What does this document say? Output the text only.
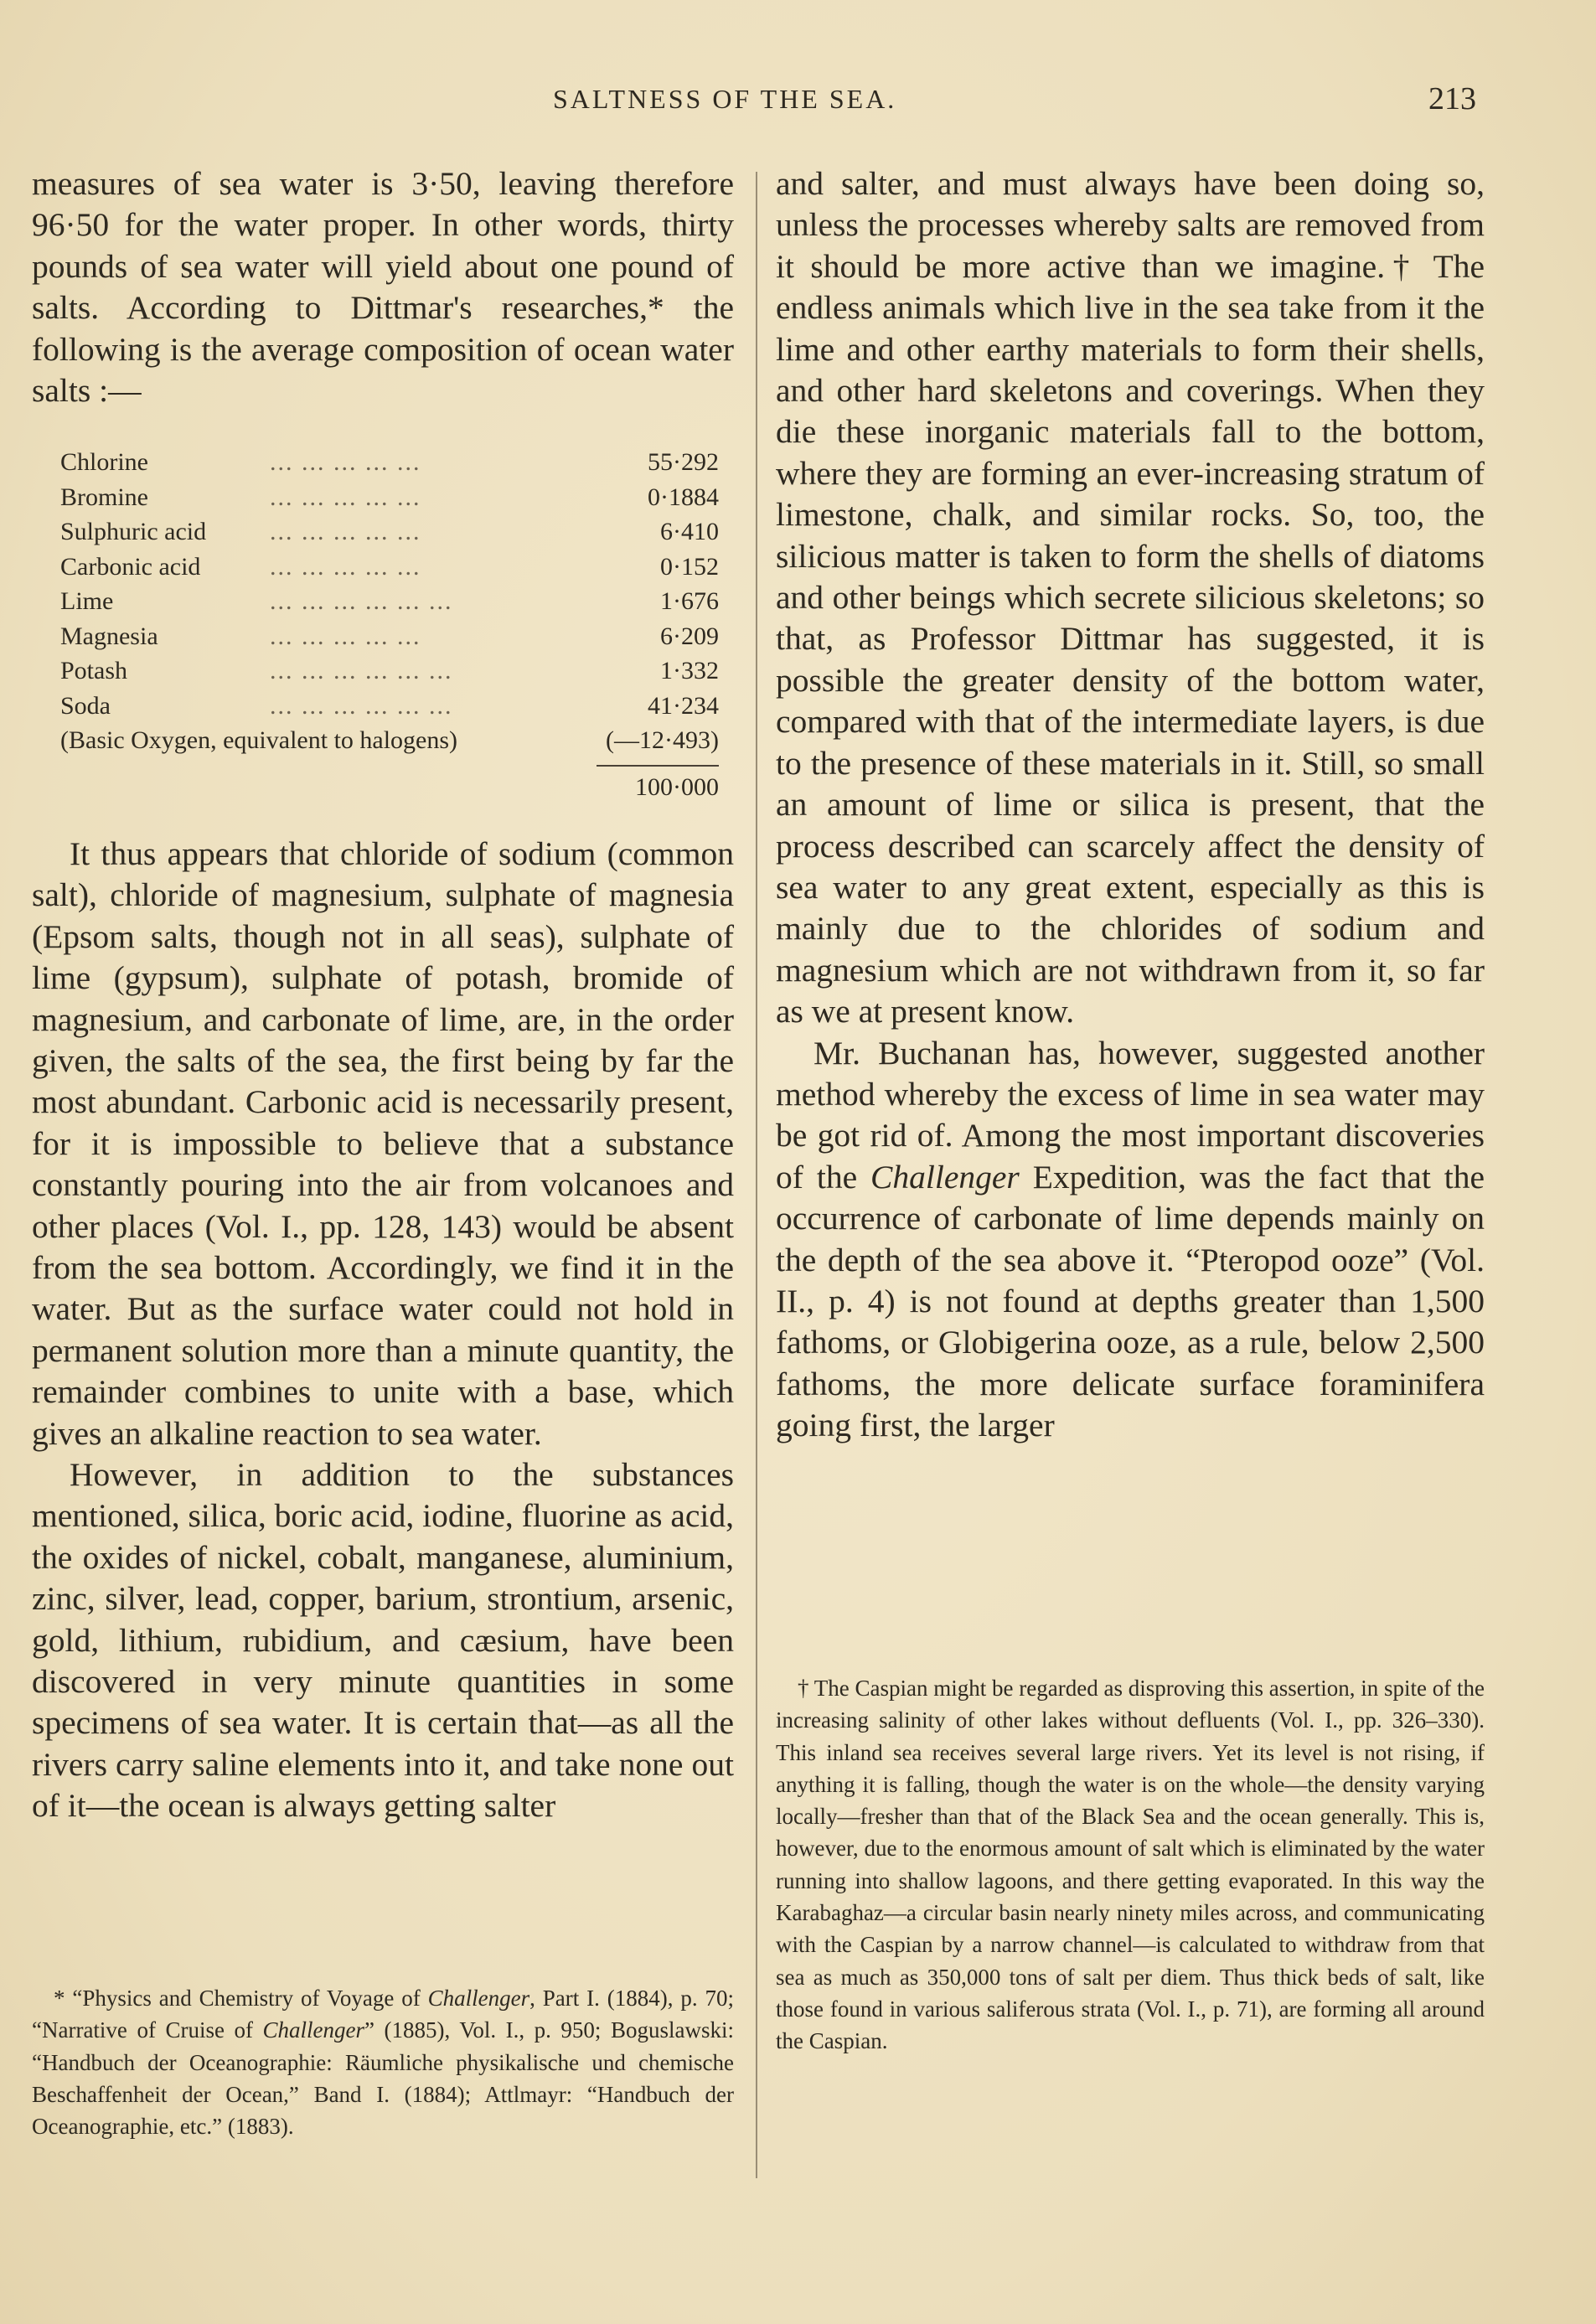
SALTNESS OF THE SEA.	213

measures of sea water is 3·50, leaving therefore 96·50 for the water proper. In other words, thirty pounds of sea water will yield about one pound of salts. According to Dittmar's researches,* the following is the average composition of ocean water salts :—

Chlorine	... ... ... ... ...	55·292
Bromine	... ... ... ... ...	0·1884
Sulphuric acid	... ... ... ... ...	6·410
Carbonic acid	... ... ... ... ...	0·152
Lime	... ... ... ... ... ...	1·676
Magnesia	... ... ... ... ...	6·209
Potash	... ... ... ... ... ...	1·332
Soda	... ... ... ... ... ...	41·234
(Basic Oxygen, equivalent to halogens)		(—12·493)
100·000

It thus appears that chloride of sodium (common salt), chloride of magnesium, sulphate of magnesia (Epsom salts, though not in all seas), sulphate of lime (gypsum), sulphate of potash, bromide of magnesium, and carbonate of lime, are, in the order given, the salts of the sea, the first being by far the most abundant. Carbonic acid is necessarily present, for it is impossible to believe that a substance constantly pouring into the air from volcanoes and other places (Vol. I., pp. 128, 143) would be absent from the sea bottom. Accordingly, we find it in the water. But as the surface water could not hold in permanent solution more than a minute quantity, the remainder combines to unite with a base, which gives an alkaline reaction to sea water.

However, in addition to the substances mentioned, silica, boric acid, iodine, fluorine as acid, the oxides of nickel, cobalt, manganese, aluminium, zinc, silver, lead, copper, barium, strontium, arsenic, gold, lithium, rubidium, and cæsium, have been discovered in very minute quantities in some specimens of sea water. It is certain that—as all the rivers carry saline elements into it, and take none out of it—the ocean is always getting salter

* “Physics and Chemistry of Voyage of Challenger, Part I. (1884), p. 70; “Narrative of Cruise of Challenger” (1885), Vol. I., p. 950; Boguslawski: “Handbuch der Oceanographie: Räumliche physikalische und chemische Beschaffenheit der Ocean,” Band I. (1884); Attlmayr: “Handbuch der Oceanographie, etc.” (1883).

and salter, and must always have been doing so, unless the processes whereby salts are removed from it should be more active than we imagine.† The endless animals which live in the sea take from it the lime and other earthy materials to form their shells, and other hard skeletons and coverings. When they die these inorganic materials fall to the bottom, where they are forming an ever-increasing stratum of limestone, chalk, and similar rocks. So, too, the silicious matter is taken to form the shells of diatoms and other beings which secrete silicious skeletons; so that, as Professor Dittmar has suggested, it is possible the greater density of the bottom water, compared with that of the intermediate layers, is due to the presence of these materials in it. Still, so small an amount of lime or silica is present, that the process described can scarcely affect the density of sea water to any great extent, especially as this is mainly due to the chlorides of sodium and magnesium which are not withdrawn from it, so far as we at present know.

Mr. Buchanan has, however, suggested another method whereby the excess of lime in sea water may be got rid of. Among the most important discoveries of the Challenger Expedition, was the fact that the occurrence of carbonate of lime depends mainly on the depth of the sea above it. “Pteropod ooze” (Vol. II., p. 4) is not found at depths greater than 1,500 fathoms, or Globigerina ooze, as a rule, below 2,500 fathoms, the more delicate surface foraminifera going first, the larger

† The Caspian might be regarded as disproving this assertion, in spite of the increasing salinity of other lakes without defluents (Vol. I., pp. 326–330). This inland sea receives several large rivers. Yet its level is not rising, if anything it is falling, though the water is on the whole—the density varying locally—fresher than that of the Black Sea and the ocean generally. This is, however, due to the enormous amount of salt which is eliminated by the water running into shallow lagoons, and there getting evaporated. In this way the Karabaghaz—a circular basin nearly ninety miles across, and communicating with the Caspian by a narrow channel—is calculated to withdraw from that sea as much as 350,000 tons of salt per diem. Thus thick beds of salt, like those found in various saliferous strata (Vol. I., p. 71), are forming all around the Caspian.
